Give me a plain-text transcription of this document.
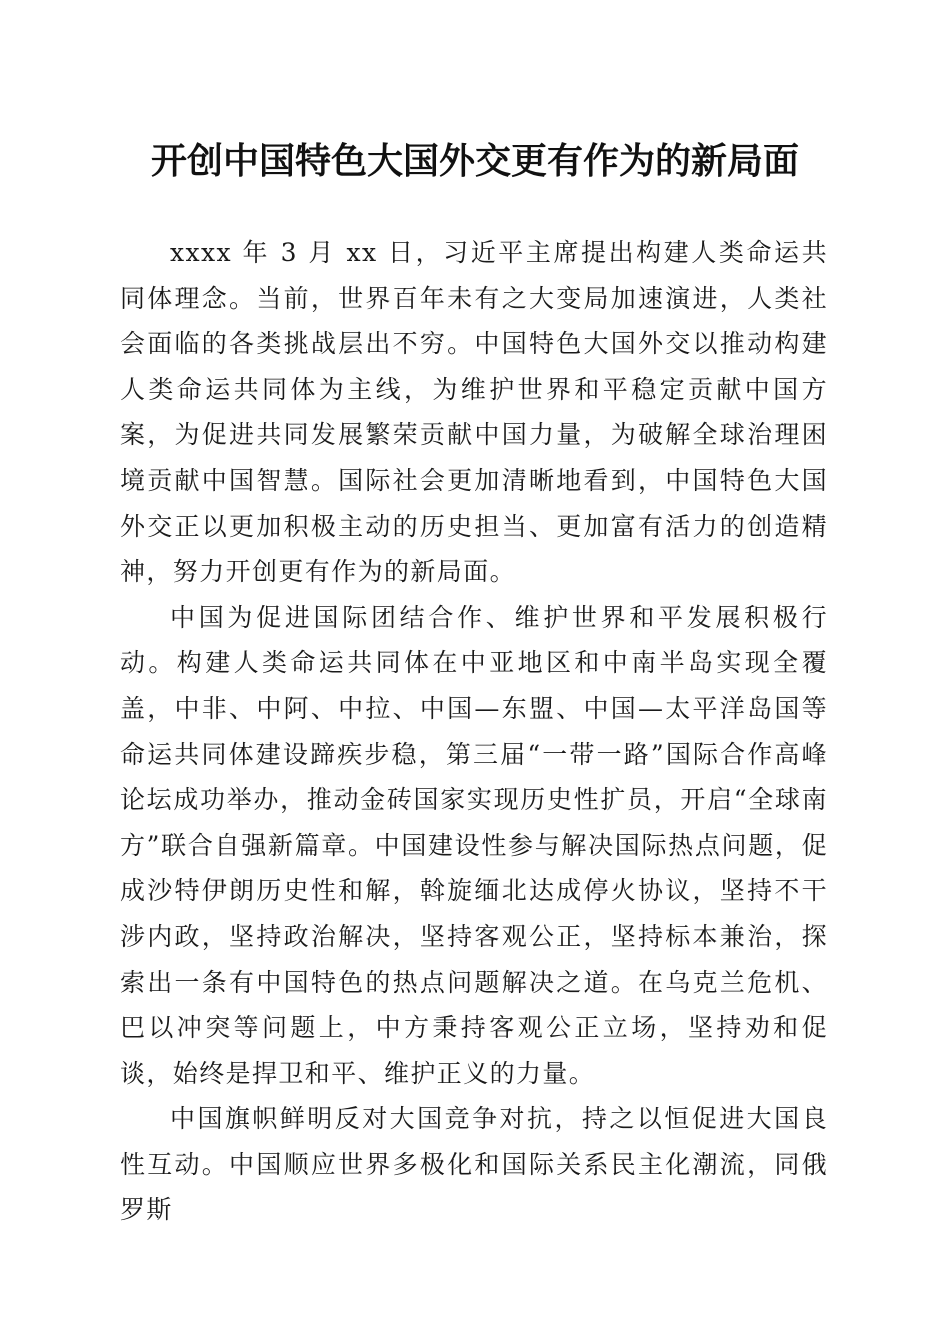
开创中国特色大国外交更有作为的新局面

xxxx 年 3 月 xx 日，习近平主席提出构建人类命运共同体理念。当前，世界百年未有之大变局加速演进，人类社会面临的各类挑战层出不穷。中国特色大国外交以推动构建人类命运共同体为主线，为维护世界和平稳定贡献中国方案，为促进共同发展繁荣贡献中国力量，为破解全球治理困境贡献中国智慧。国际社会更加清晰地看到，中国特色大国外交正以更加积极主动的历史担当、更加富有活力的创造精神，努力开创更有作为的新局面。

中国为促进国际团结合作、维护世界和平发展积极行动。构建人类命运共同体在中亚地区和中南半岛实现全覆盖，中非、中阿、中拉、中国—东盟、中国—太平洋岛国等命运共同体建设蹄疾步稳，第三届“一带一路”国际合作高峰论坛成功举办，推动金砖国家实现历史性扩员，开启“全球南方”联合自强新篇章。中国建设性参与解决国际热点问题，促成沙特伊朗历史性和解，斡旋缅北达成停火协议，坚持不干涉内政，坚持政治解决，坚持客观公正，坚持标本兼治，探索出一条有中国特色的热点问题解决之道。在乌克兰危机、巴以冲突等问题上，中方秉持客观公正立场，坚持劝和促谈，始终是捍卫和平、维护正义的力量。

中国旗帜鲜明反对大国竞争对抗，持之以恒促进大国良性互动。中国顺应世界多极化和国际关系民主化潮流，同俄罗斯
